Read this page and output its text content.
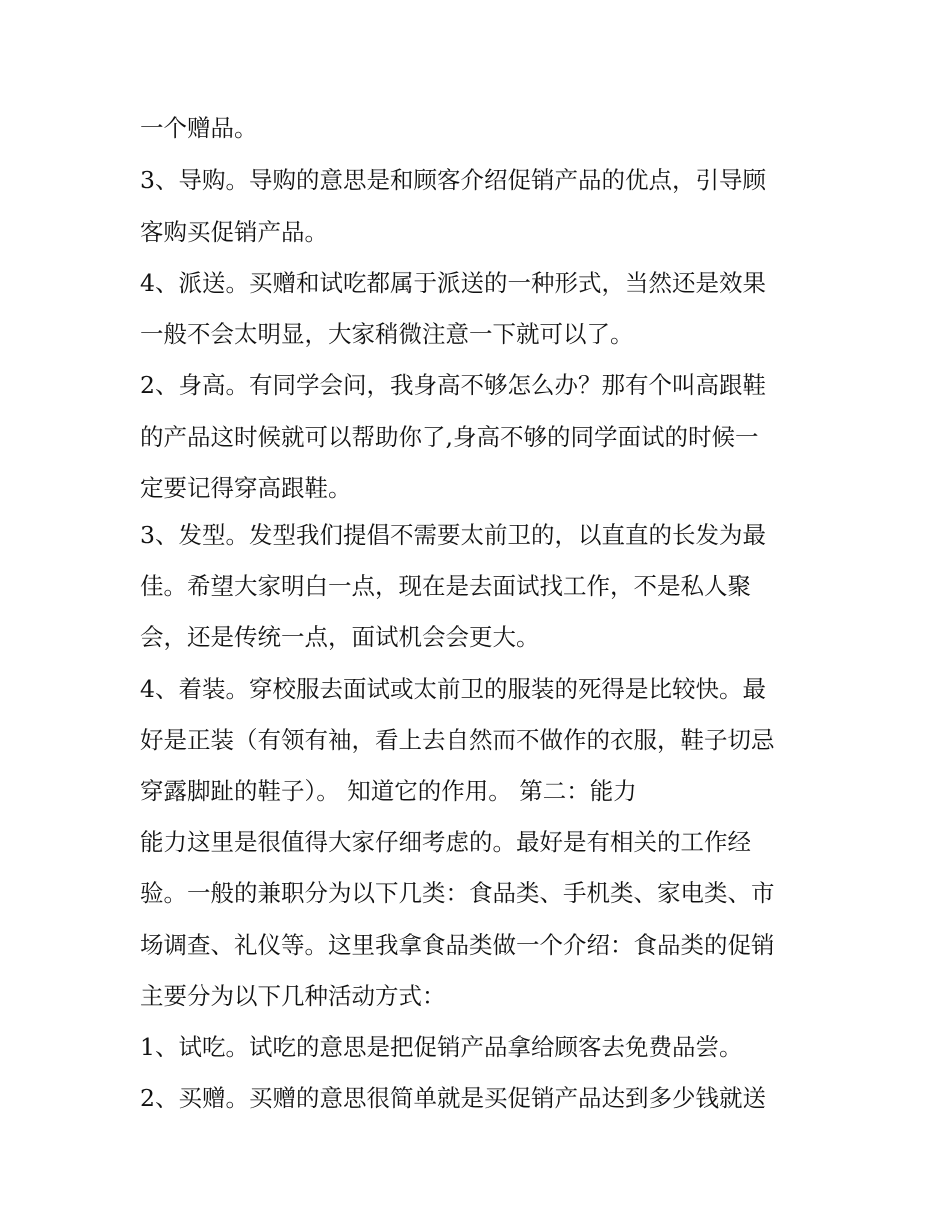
一个赠品。
3、导购。导购的意思是和顾客介绍促销产品的优点，引导顾
客购买促销产品。
4、派送。买赠和试吃都属于派送的一种形式，当然还是效果
一般不会太明显，大家稍微注意一下就可以了。
2、身高。有同学会问，我身高不够怎么办？那有个叫高跟鞋
的产品这时候就可以帮助你了,身高不够的同学面试的时候一
定要记得穿高跟鞋。
3、发型。发型我们提倡不需要太前卫的，以直直的长发为最
佳。希望大家明白一点，现在是去面试找工作，不是私人聚
会，还是传统一点，面试机会会更大。
4、着装。穿校服去面试或太前卫的服装的死得是比较快。最
好是正装（有领有袖，看上去自然而不做作的衣服，鞋子切忌
穿露脚趾的鞋子）。 知道它的作用。 第二：能力
能力这里是很值得大家仔细考虑的。最好是有相关的工作经
验。一般的兼职分为以下几类：食品类、手机类、家电类、市
场调查、礼仪等。这里我拿食品类做一个介绍：食品类的促销
主要分为以下几种活动方式：
1、试吃。试吃的意思是把促销产品拿给顾客去免费品尝。
2、买赠。买赠的意思很简单就是买促销产品达到多少钱就送
